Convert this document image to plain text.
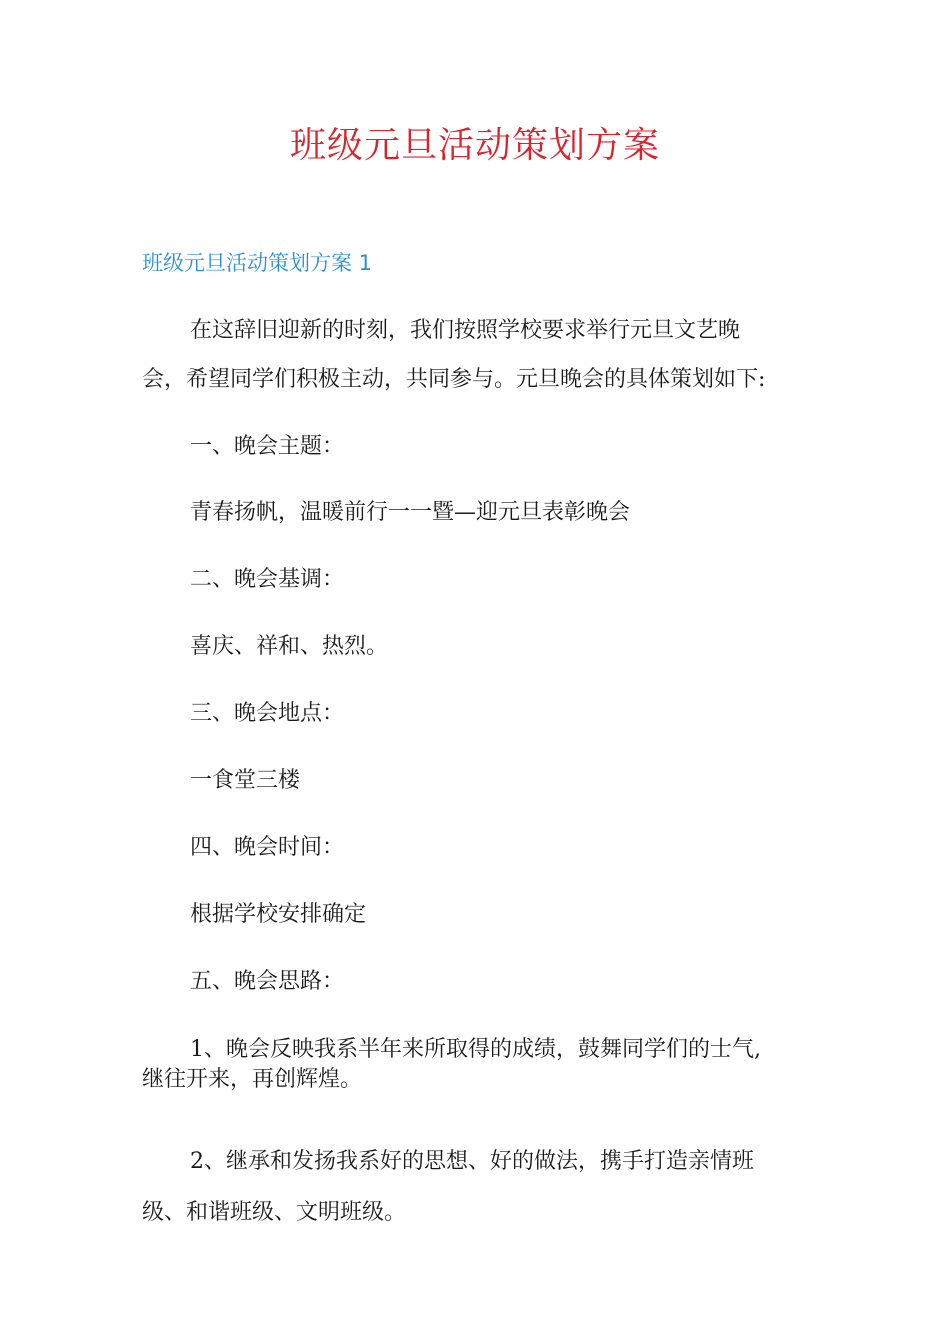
班级元旦活动策划方案
班级元旦活动策划方案 1
在这辞旧迎新的时刻，我们按照学校要求举行元旦文艺晚
会，希望同学们积极主动，共同参与。元旦晚会的具体策划如下:
一、晚会主题：
青春扬帆，温暖前行一一暨—迎元旦表彰晚会
二、晚会基调：
喜庆、祥和、热烈。
三、晚会地点：
一食堂三楼
四、晚会时间：
根据学校安排确定
五、晚会思路：
1、晚会反映我系半年来所取得的成绩，鼓舞同学们的士气,
继往开来，再创辉煌。
2、继承和发扬我系好的思想、好的做法，携手打造亲情班
级、和谐班级、文明班级。
